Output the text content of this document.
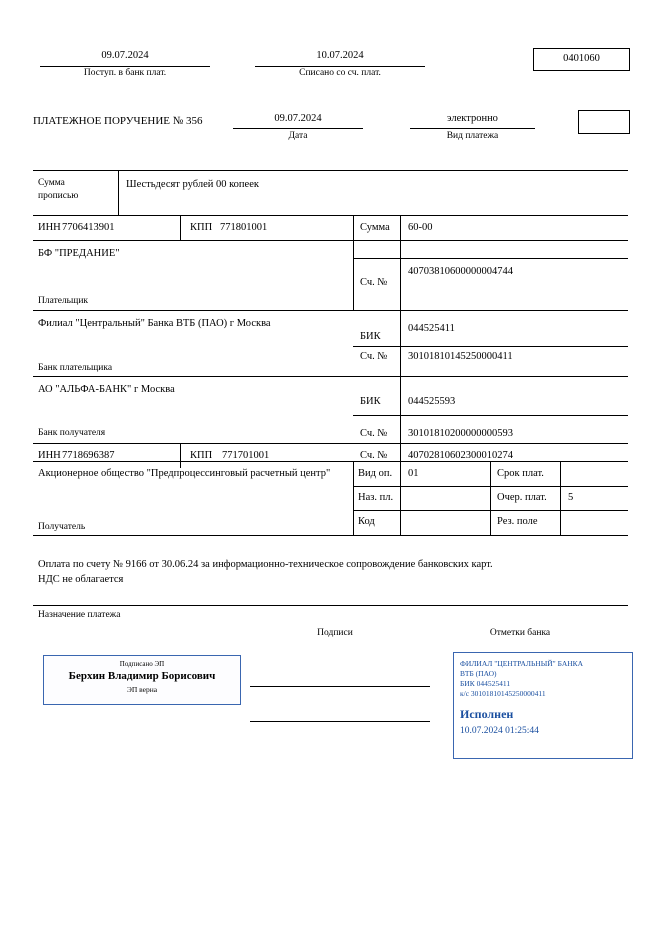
09.07.2024
Поступ. в банк плат.
10.07.2024
Списано со сч. плат.
0401060
ПЛАТЕЖНОЕ ПОРУЧЕНИЕ № 356	09.07.2024
Дата
электронно
Вид платежа
Сумма
прописью
Шестьдесят рублей 00 копеек
ИНН 7706413901	КПП 771801001	Сумма 60-00
БФ "ПРЕДАНИЕ"
Плательщик
Сч. №
40703810600000004744
Филиал "Центральный" Банка ВТБ (ПАО) г Москва
Банк плательщика
БИК
044525411
Сч. № 30101810145250000411
АО "АЛЬФА-БАНК" г Москва
Банк получателя
БИК	044525593
Сч. № 30101810200000000593
ИНН 7718696387	КПП 771701001	Сч. № 40702810602300010274
Акционерное общество "Предпроцессинговый расчетный центр"
Получатель
Вид оп. 01	Срок плат.
Наз. пл.	Очер. плат. 5
Код	Рез. поле
Оплата по счету № 9166 от 30.06.24 за информационно-техническое сопровождение банковских карт.
НДС не облагается
Назначение платежа
Подписи	Отметки банка
Подписано ЭП
Берхин Владимир Борисович
ЭП верна
ФИЛИАЛ "ЦЕНТРАЛЬНЫЙ" БАНКА
ВТБ (ПАО)
БИК 044525411
к/с 30101810145250000411
Исполнен
10.07.2024 01:25:44
